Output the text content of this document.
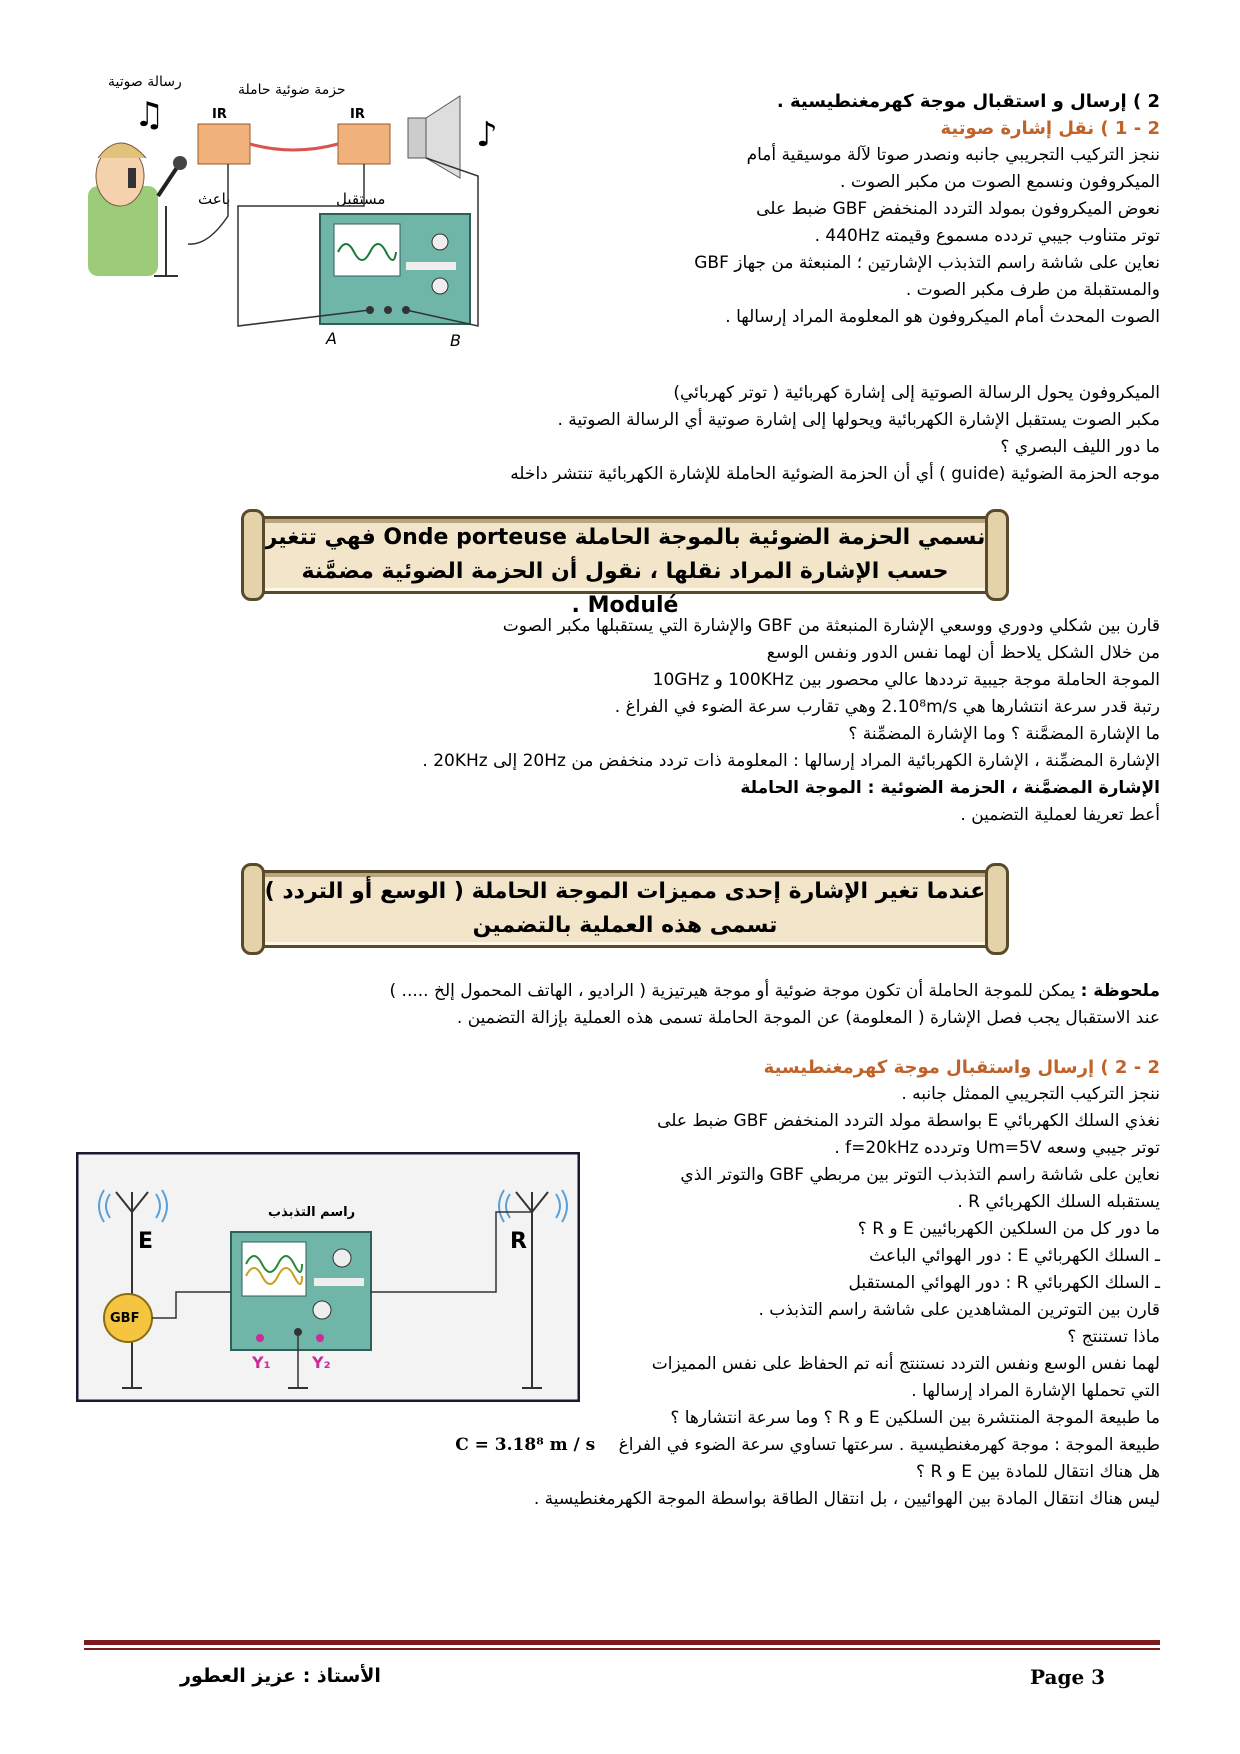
♫	♪
IR	IR
رسالة صوتية	حزمة ضوئية حاملة
باعث	مستقبل
A	B
2 ) إرسال و استقبال موجة كهرمغنطيسية .
2 - 1 ) نقل إشارة صوتية
ننجز التركيب التجريبي جانبه ونصدر صوتا لآلة موسيقية أمام
الميكروفون ونسمع الصوت من مكبر الصوت .
نعوض الميكروفون بمولد التردد المنخفض GBF ضبط على
توتر متناوب جيبي تردده مسموع وقيمته 440Hz .
نعاين على شاشة راسم التذبذب الإشارتين ؛ المنبعثة من جهاز GBF
والمستقبلة من طرف مكبر الصوت .
الصوت المحدث أمام الميكروفون هو المعلومة المراد إرسالها .
الميكروفون يحول الرسالة الصوتية إلى إشارة كهربائية ( توتر كهربائي)
مكبر الصوت يستقبل الإشارة الكهربائية ويحولها إلى إشارة صوتية أي الرسالة الصوتية .
ما دور الليف البصري ؟
موجه الحزمة الضوئية (guide ) أي أن الحزمة الضوئية الحاملة للإشارة الكهربائية تنتشر داخله
نسمي الحزمة الضوئية بالموجة الحاملة Onde porteuse فهي تتغير
حسب الإشارة المراد نقلها ، نقول أن الحزمة الضوئية مضمَّنة Modulé .
قارن بين شكلي ودوري ووسعي الإشارة المنبعثة من GBF والإشارة التي يستقبلها مكبر الصوت
من خلال الشكل يلاحظ أن لهما نفس الدور ونفس الوسع
الموجة الحاملة موجة جيبية ترددها عالي محصور بين 100KHz و 10GHz
رتبة قدر سرعة انتشارها هي 2.10⁸m/s وهي تقارب سرعة الضوء في الفراغ .
ما الإشارة المضمَّنة ؟ وما الإشارة المضمِّنة ؟
الإشارة المضمِّنة ، الإشارة الكهربائية المراد إرسالها : المعلومة ذات تردد منخفض من 20Hz إلى 20KHz .
الإشارة المضمَّنة ، الحزمة الضوئية : الموجة الحاملة
أعط تعريفا لعملية التضمين .
عندما تغير الإشارة إحدى مميزات الموجة الحاملة ( الوسع أو التردد )
تسمى هذه العملية بالتضمين
ملحوظة : يمكن للموجة الحاملة أن تكون موجة ضوئية أو موجة هيرتيزية ( الراديو ، الهاتف المحمول إلخ ..... )
عند الاستقبال يجب فصل الإشارة ( المعلومة) عن الموجة الحاملة تسمى هذه العملية بإزالة التضمين .
E	R
GBF
راسم التذبذب
Y₁	Y₂
2 - 2 ) إرسال واستقبال موجة كهرمغنطيسية
ننجز التركيب التجريبي الممثل جانبه .
نغذي السلك الكهربائي E بواسطة مولد التردد المنخفض GBF ضبط على
توتر جيبي وسعه Um=5V وتردده f=20kHz .
نعاين على شاشة راسم التذبذب التوتر بين مربطي GBF والتوتر الذي
يستقبله السلك الكهربائي R .
ما دور كل من السلكين الكهربائيين E و R ؟
ـ السلك الكهربائي E : دور الهوائي الباعث
ـ السلك الكهربائي R : دور الهوائي المستقبل
قارن بين التوترين المشاهدين على شاشة راسم التذبذب .
ماذا تستنتج ؟
لهما نفس الوسع ونفس التردد نستنتج أنه تم الحفاظ على نفس المميزات
التي تحملها الإشارة المراد إرسالها .
ما طبيعة الموجة المنتشرة بين السلكين E و R ؟ وما سرعة انتشارها ؟
طبيعة الموجة : موجة كهرمغنطيسية . سرعتها تساوي سرعة الضوء في الفراغ C = 3.18⁸ m / s
هل هناك انتقال للمادة بين E و R ؟
ليس هناك انتقال المادة بين الهوائيين ، بل انتقال الطاقة بواسطة الموجة الكهرمغنطيسية .
Page 3
الأستاذ : عزيز العطور
